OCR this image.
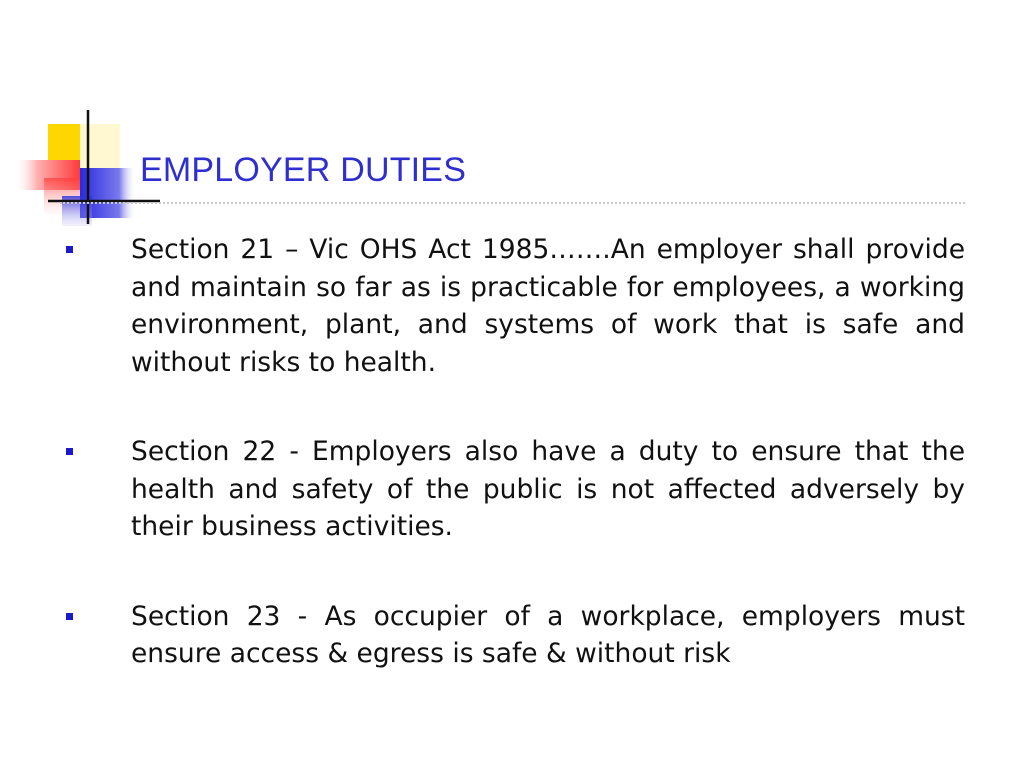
EMPLOYER DUTIES
Section 21 – Vic OHS Act 1985…….An employer shall provide and maintain so far as is practicable for employees, a working environment, plant, and systems of work that is safe and without risks to health.
Section 22 - Employers also have a duty to ensure that the health and safety of the public is not affected adversely by their business activities.
Section 23 - As occupier of a workplace, employers must ensure access & egress is safe & without risk
